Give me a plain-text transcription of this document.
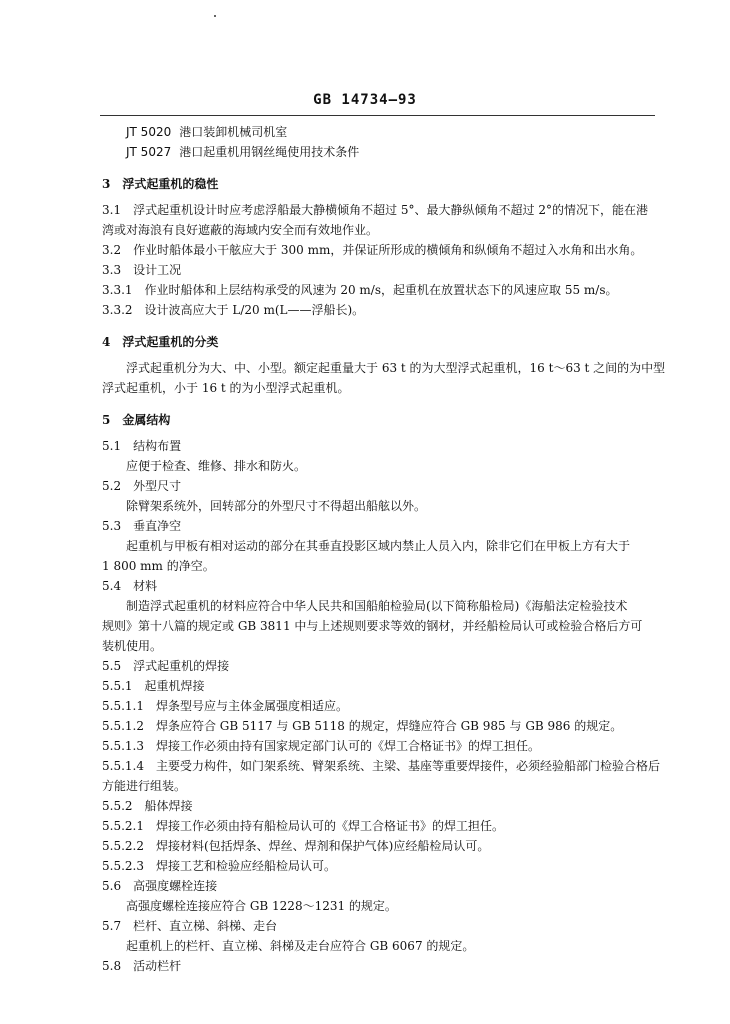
GB 14734—93
JT 5020 港口装卸机械司机室
JT 5027 港口起重机用钢丝绳使用技术条件
3　浮式起重机的稳性
3.1　浮式起重机设计时应考虑浮船最大静横倾角不超过 5°、最大静纵倾角不超过 2°的情况下，能在港
湾或对海浪有良好遮蔽的海域内安全而有效地作业。
3.2　作业时船体最小干舷应大于 300 mm，并保证所形成的横倾角和纵倾角不超过入水角和出水角。
3.3　设计工况
3.3.1　作业时船体和上层结构承受的风速为 20 m/s，起重机在放置状态下的风速应取 55 m/s。
3.3.2　设计波高应大于 L/20 m(L——浮船长)。
4　浮式起重机的分类
浮式起重机分为大、中、小型。额定起重量大于 63 t 的为大型浮式起重机，16 t～63 t 之间的为中型
浮式起重机，小于 16 t 的为小型浮式起重机。
5　金属结构
5.1　结构布置
应便于检查、维修、排水和防火。
5.2　外型尺寸
除臂架系统外，回转部分的外型尺寸不得超出船舷以外。
5.3　垂直净空
起重机与甲板有相对运动的部分在其垂直投影区域内禁止人员入内，除非它们在甲板上方有大于
1 800 mm 的净空。
5.4　材料
制造浮式起重机的材料应符合中华人民共和国船舶检验局(以下简称船检局)《海船法定检验技术
规则》第十八篇的规定或 GB 3811 中与上述规则要求等效的钢材，并经船检局认可或检验合格后方可
装机使用。
5.5　浮式起重机的焊接
5.5.1　起重机焊接
5.5.1.1　焊条型号应与主体金属强度相适应。
5.5.1.2　焊条应符合 GB 5117 与 GB 5118 的规定，焊缝应符合 GB 985 与 GB 986 的规定。
5.5.1.3　焊接工作必须由持有国家规定部门认可的《焊工合格证书》的焊工担任。
5.5.1.4　主要受力构件，如门架系统、臂架系统、主梁、基座等重要焊接件，必须经验船部门检验合格后
方能进行组装。
5.5.2　船体焊接
5.5.2.1　焊接工作必须由持有船检局认可的《焊工合格证书》的焊工担任。
5.5.2.2　焊接材料(包括焊条、焊丝、焊剂和保护气体)应经船检局认可。
5.5.2.3　焊接工艺和检验应经船检局认可。
5.6　高强度螺栓连接
高强度螺栓连接应符合 GB 1228～1231 的规定。
5.7　栏杆、直立梯、斜梯、走台
起重机上的栏杆、直立梯、斜梯及走台应符合 GB 6067 的规定。
5.8　活动栏杆
